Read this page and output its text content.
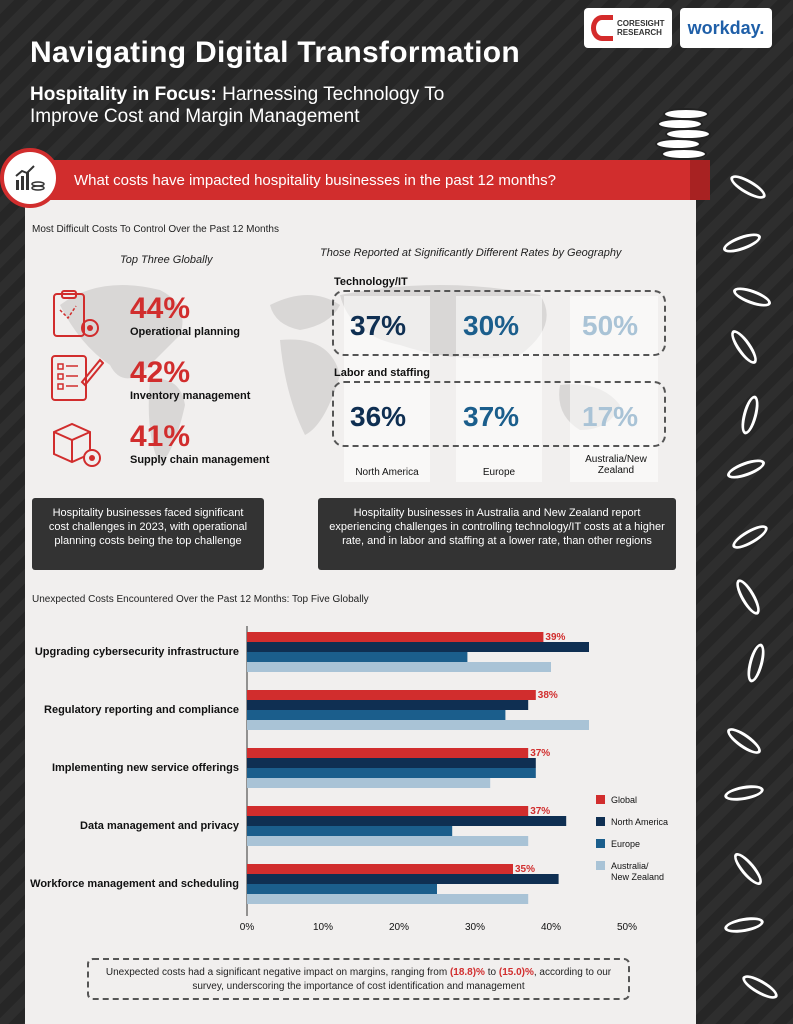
CORESIGHT RESEARCH	workday.
Navigating Digital Transformation
Hospitality in Focus: Harnessing Technology To Improve Cost and Margin Management
What costs have impacted hospitality businesses in the past 12 months?
Most Difficult Costs To Control Over the Past 12 Months
Top Three Globally
Those Reported at Significantly Different Rates by Geography
44%
Operational planning
42%
Inventory management
41%
Supply chain management
Technology/IT
37% 30% 50%
Labor and staffing
36% 37% 17%
North America	Europe
Australia/New Zealand
Hospitality businesses faced significant cost challenges in 2023, with operational planning costs being the top challenge
Hospitality businesses in Australia and New Zealand report experiencing challenges in controlling technology/IT costs at a higher rate, and in labor and staffing at a lower rate, than other regions
Unexpected Costs Encountered Over the Past 12 Months: Top Five Globally
Upgrading cybersecurity infrastructure
39%
Regulatory reporting and compliance
38%
Implementing new service offerings
37%
Data management and privacy
37%
Workforce management and scheduling
35%
0%	10%	20%	30%	40%	50%
Global
North America
Europe
Australia/ New Zealand
Unexpected costs had a significant negative impact on margins, ranging from (18.8)% to (15.0)%, according to our survey, underscoring the importance of cost identification and management
